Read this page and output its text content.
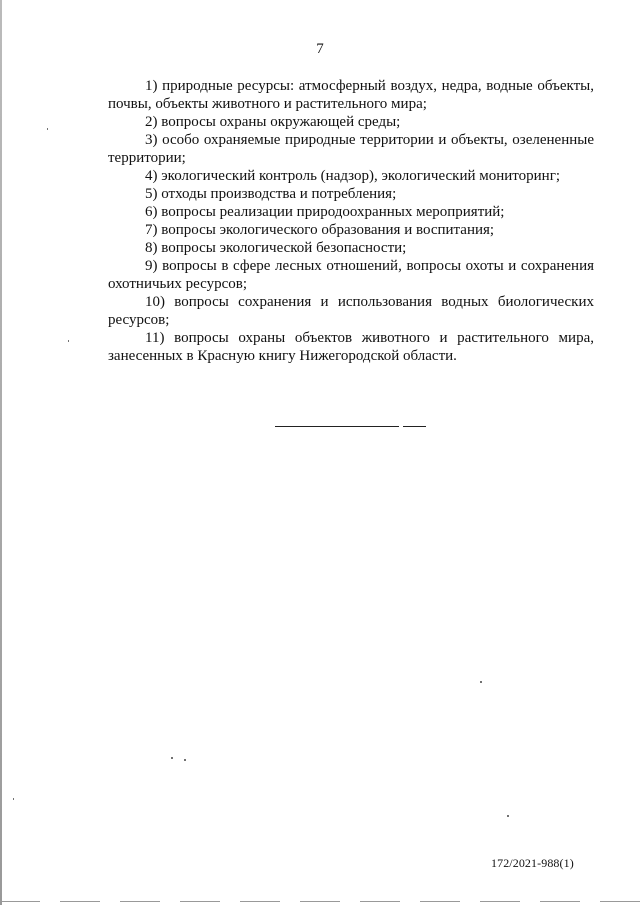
7

1) природные ресурсы: атмосферный воздух, недра, водные объекты, почвы, объекты животного и растительного мира;

2) вопросы охраны окружающей среды;

3) особо охраняемые природные территории и объекты, озелененные территории;

4) экологический контроль (надзор), экологический мониторинг;

5) отходы производства и потребления;

6) вопросы реализации природоохранных мероприятий;

7) вопросы экологического образования и воспитания;

8) вопросы экологической безопасности;

9) вопросы в сфере лесных отношений, вопросы охоты и сохранения охотничьих ресурсов;

10) вопросы сохранения и использования водных биологических ресурсов;

11) вопросы охраны объектов животного и растительного мира, занесенных в Красную книгу Нижегородской области.

172/2021-988(1)
